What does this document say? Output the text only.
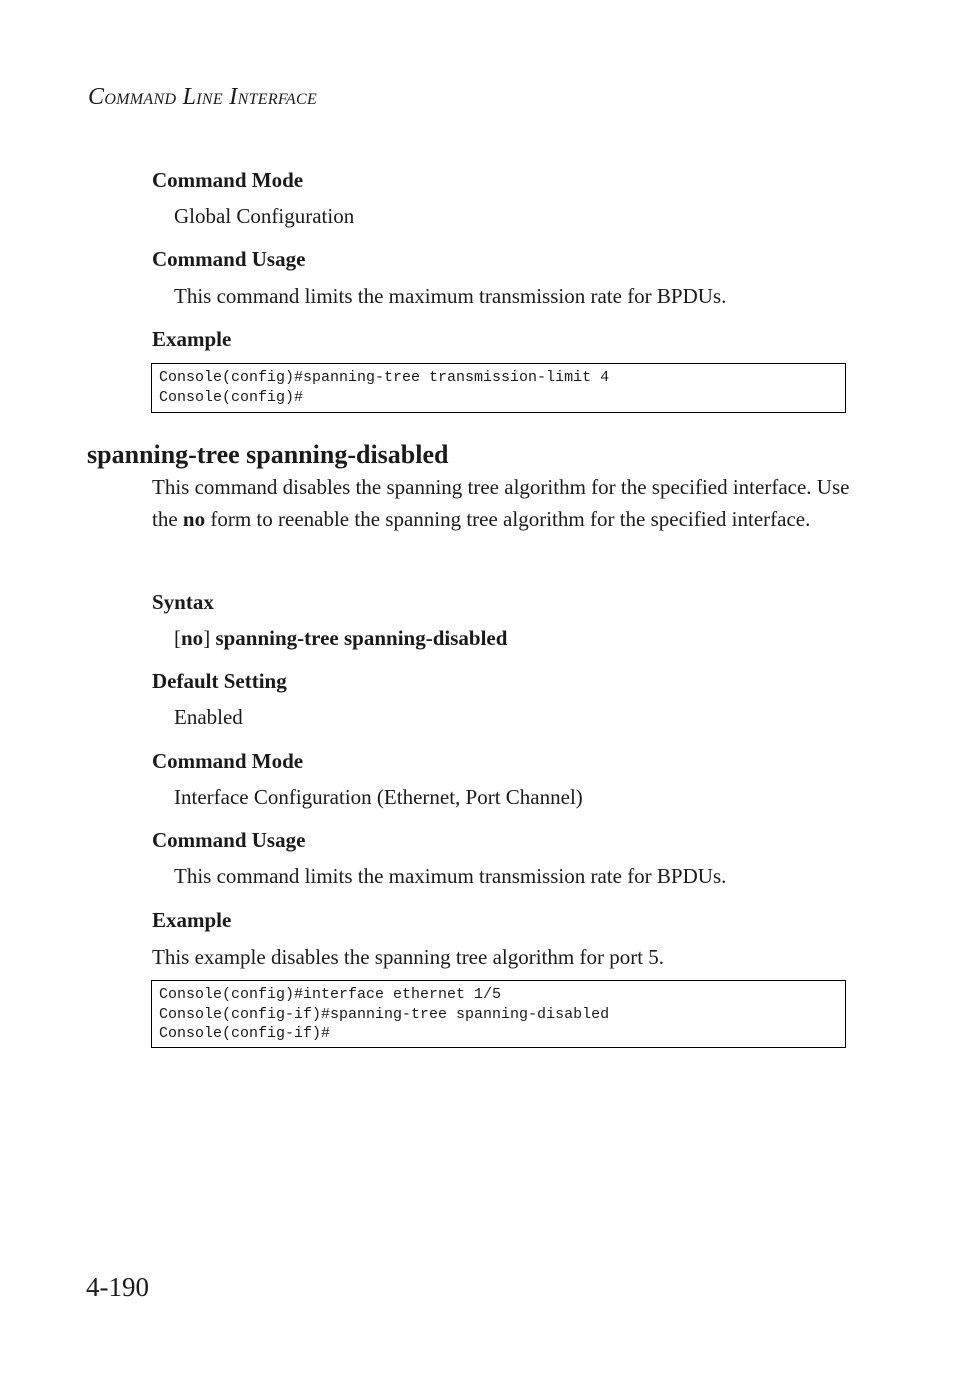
COMMAND LINE INTERFACE
Command Mode
Global Configuration
Command Usage
This command limits the maximum transmission rate for BPDUs.
Example
Console(config)#spanning-tree transmission-limit 4
Console(config)#
spanning-tree spanning-disabled
This command disables the spanning tree algorithm for the specified interface. Use the no form to reenable the spanning tree algorithm for the specified interface.
Syntax
[no] spanning-tree spanning-disabled
Default Setting
Enabled
Command Mode
Interface Configuration (Ethernet, Port Channel)
Command Usage
This command limits the maximum transmission rate for BPDUs.
Example
This example disables the spanning tree algorithm for port 5.
Console(config)#interface ethernet 1/5
Console(config-if)#spanning-tree spanning-disabled
Console(config-if)#
4-190
